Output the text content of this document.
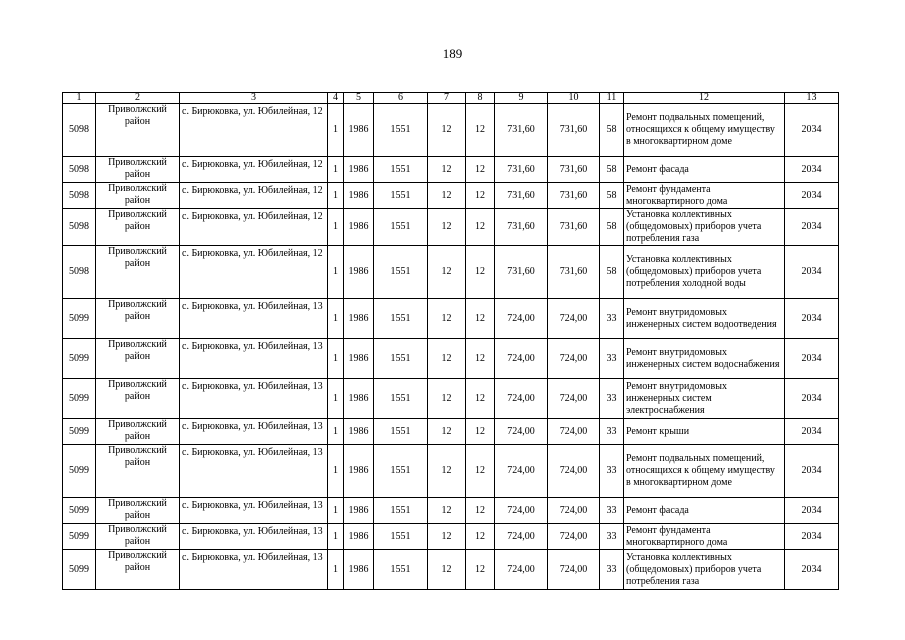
189
1	2	3	4	5	6	7	8	9	10	11	12	13
5098	Приволжский район	с. Бирюковка, ул. Юбилейная, 12	1	1986	1551	12	12	731,60	731,60	58	Ремонт подвальных помещений, относящихся к общему имуществу в многоквартирном доме	2034
5098	Приволжский район	с. Бирюковка, ул. Юбилейная, 12	1	1986	1551	12	12	731,60	731,60	58	Ремонт фасада	2034
5098	Приволжский район	с. Бирюковка, ул. Юбилейная, 12	1	1986	1551	12	12	731,60	731,60	58	Ремонт фундамента многоквартирного дома	2034
5098	Приволжский район	с. Бирюковка, ул. Юбилейная, 12	1	1986	1551	12	12	731,60	731,60	58	Установка коллективных (общедомовых) приборов учета потребления газа	2034
5098	Приволжский район	с. Бирюковка, ул. Юбилейная, 12	1	1986	1551	12	12	731,60	731,60	58	Установка коллективных (общедомовых) приборов учета потребления холодной воды	2034
5099	Приволжский район	с. Бирюковка, ул. Юбилейная, 13	1	1986	1551	12	12	724,00	724,00	33	Ремонт внутридомовых инженерных систем водоотведения	2034
5099	Приволжский район	с. Бирюковка, ул. Юбилейная, 13	1	1986	1551	12	12	724,00	724,00	33	Ремонт внутридомовых инженерных систем водоснабжения	2034
5099	Приволжский район	с. Бирюковка, ул. Юбилейная, 13	1	1986	1551	12	12	724,00	724,00	33	Ремонт внутридомовых инженерных систем электроснабжения	2034
5099	Приволжский район	с. Бирюковка, ул. Юбилейная, 13	1	1986	1551	12	12	724,00	724,00	33	Ремонт крыши	2034
5099	Приволжский район	с. Бирюковка, ул. Юбилейная, 13	1	1986	1551	12	12	724,00	724,00	33	Ремонт подвальных помещений, относящихся к общему имуществу в многоквартирном доме	2034
5099	Приволжский район	с. Бирюковка, ул. Юбилейная, 13	1	1986	1551	12	12	724,00	724,00	33	Ремонт фасада	2034
5099	Приволжский район	с. Бирюковка, ул. Юбилейная, 13	1	1986	1551	12	12	724,00	724,00	33	Ремонт фундамента многоквартирного дома	2034
5099	Приволжский район	с. Бирюковка, ул. Юбилейная, 13	1	1986	1551	12	12	724,00	724,00	33	Установка коллективных (общедомовых) приборов учета потребления газа	2034
